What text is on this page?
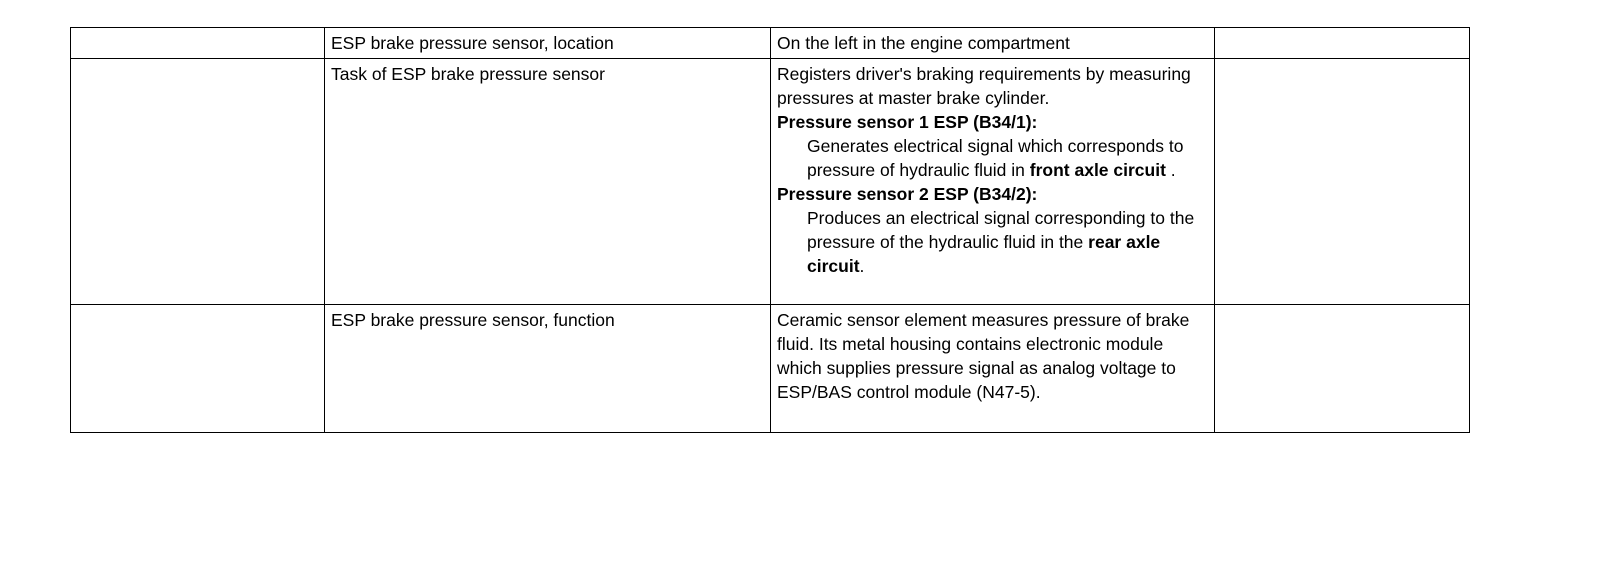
	ESP brake pressure sensor, location	On the left in the engine compartment	
	Task of ESP brake pressure sensor	Registers driver's braking requirements by measuring pressures at master brake cylinder.
Pressure sensor 1 ESP (B34/1):
Generates electrical signal which corresponds to pressure of hydraulic fluid in front axle circuit .
Pressure sensor 2 ESP (B34/2):
Produces an electrical signal corresponding to the pressure of the hydraulic fluid in the rear axle circuit.	

	ESP brake pressure sensor, function	Ceramic sensor element measures pressure of brake fluid. Its metal housing contains electronic module which supplies pressure signal as analog voltage to ESP/BAS control module (N47-5).	
